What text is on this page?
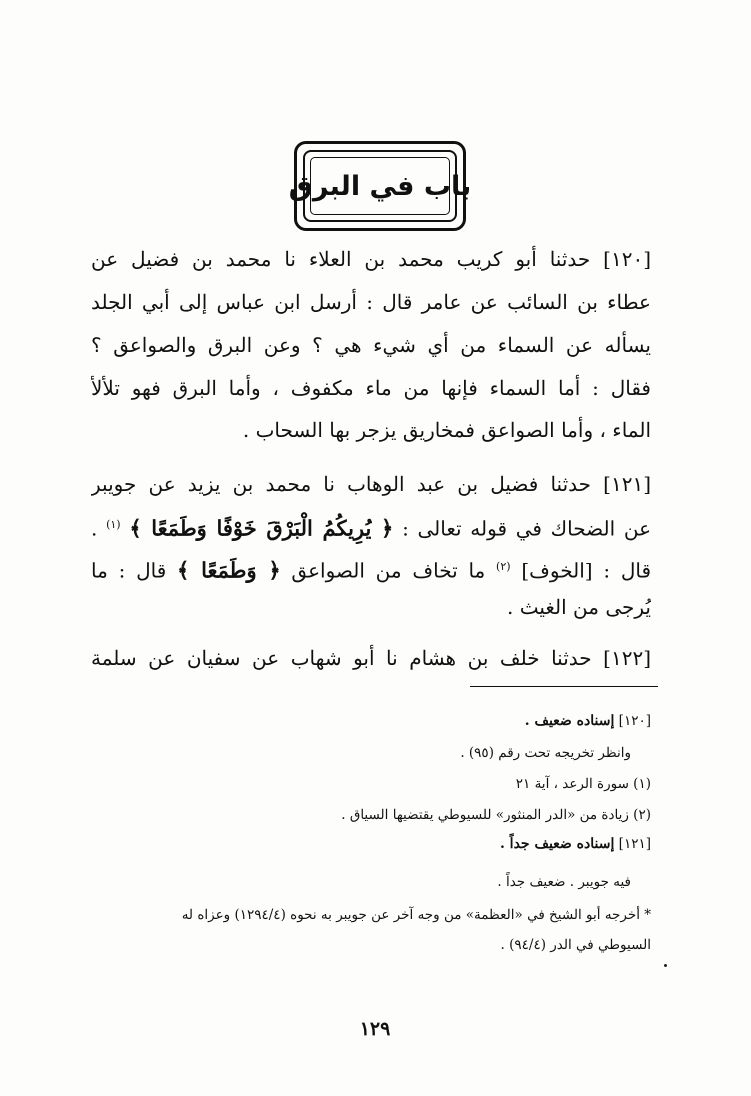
باب في البرق
[١٢٠] حدثنا أبو كريب محمد بن العلاء نا محمد بن فضيل عن
عطاء بن السائب عن عامر قال : أرسل ابن عباس إلى أبي الجلد
يسأله عن السماء من أي شيء هي ؟ وعن البرق والصواعق ؟
فقال : أما السماء فإنها من ماء مكفوف ، وأما البرق فهو تلألأ
الماء ، وأما الصواعق فمخاريق يزجر بها السحاب .
[١٢١] حدثنا فضيل بن عبد الوهاب نا محمد بن يزيد عن جويبر
عن الضحاك في قوله تعالى : ﴿ يُرِيكُمُ الْبَرْقَ خَوْفًا وَطَمَعًا ﴾ $^{(١)}$ .
قال : [الخوف] $^{(٢)}$ ما تخاف من الصواعق ﴿ وَطَمَعًا ﴾ قال : ما
يُرجى من الغيث .
[١٢٢] حدثنا خلف بن هشام نا أبو شهاب عن سفيان عن سلمة
[١٢٠] إسناده ضعيف .
وانظر تخريجه تحت رقم (٩٥) .
(١) سورة الرعد ، آية ٢١
(٢) زيادة من «الدر المنثور» للسيوطي يقتضيها السياق .
[١٢١] إسناده ضعيف جداً .
فيه جويبر . ضعيف جداً .
* أخرجه أبو الشيخ في «العظمة» من وجه آخر عن جويبر به نحوه (١٢٩٤/٤) وعزاه له
السيوطي في الدر (٩٤/٤) .
١٢٩
